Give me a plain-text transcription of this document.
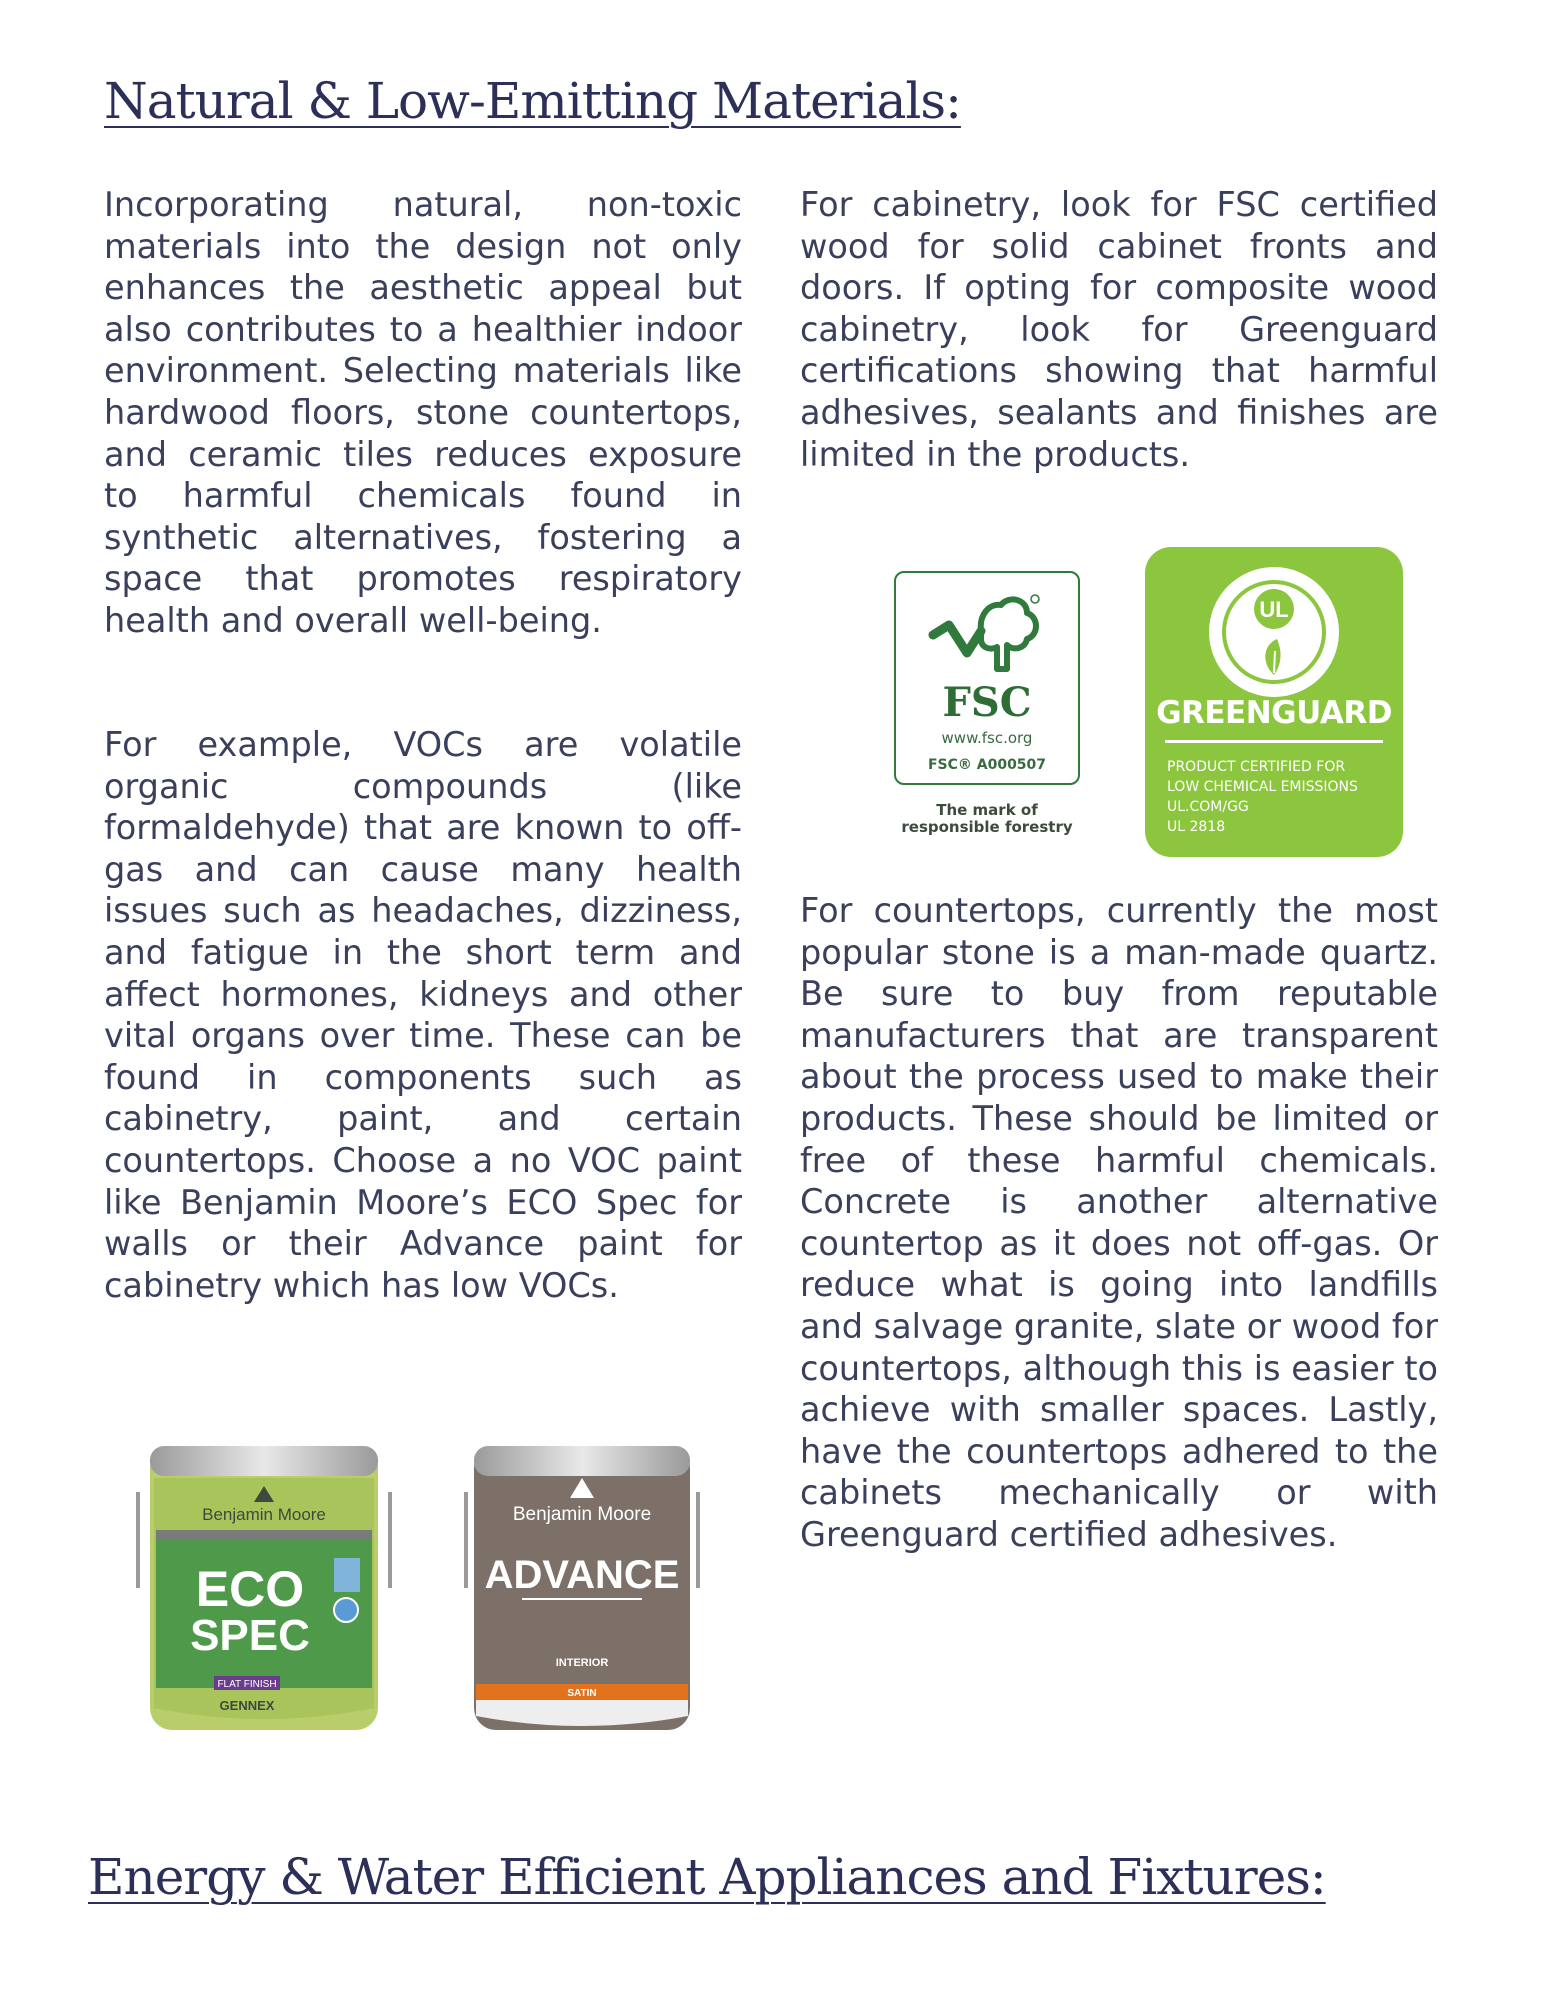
Natural & Low-Emitting Materials:

Incorporating natural, non-toxic materials into the design not only enhances the aesthetic appeal but also contributes to a healthier indoor environment. Selecting materials like hardwood floors, stone countertops, and ceramic tiles reduces exposure to harmful chemicals found in synthetic alternatives, fostering a space that promotes respiratory health and overall well-being.

For example, VOCs are volatile organic compounds (like formaldehyde) that are known to off-gas and can cause many health issues such as headaches, dizziness, and fatigue in the short term and affect hormones, kidneys and other vital organs over time. These can be found in components such as cabinetry, paint, and certain countertops. Choose a no VOC paint like Benjamin Moore’s ECO Spec for walls or their Advance paint for cabinetry which has low VOCs.

For cabinetry, look for FSC certified wood for solid cabinet fronts and doors. If opting for composite wood cabinetry, look for Greenguard certifications showing that harmful adhesives, sealants and finishes are limited in the products.

FSC
www.fsc.org
FSC® A000507
The mark of
responsible forestry
UL
GREENGUARD
PRODUCT CERTIFIED FOR
LOW CHEMICAL EMISSIONS
UL.COM/GG
UL 2818

For countertops, currently the most popular stone is a man-made quartz. Be sure to buy from reputable manufacturers that are transparent about the process used to make their products. These should be limited or free of these harmful chemicals. Concrete is another alternative countertop as it does not off-gas. Or reduce what is going into landfills and salvage granite, slate or wood for countertops, although this is easier to achieve with smaller spaces. Lastly, have the countertops adhered to the cabinets mechanically or with Greenguard certified adhesives.

Benjamin Moore
ECO
SPEC
FLAT FINISH
GENNEX
Benjamin Moore
ADVANCE
INTERIOR
SATIN
Energy & Water Efficient Appliances and Fixtures:
